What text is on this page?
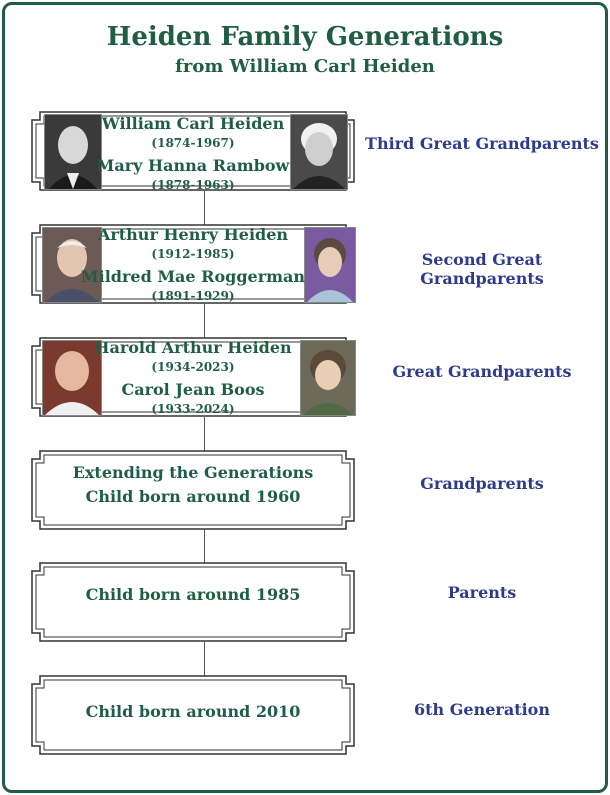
Heiden Family Generations
from William Carl Heiden
William Carl Heiden
(1874-1967)
Mary Hanna Rambow
(1878-1963)
Third Great Grandparents
Arthur Henry Heiden
(1912-1985)
Mildred Mae Roggerman
(1891-1929)
Second Great Grandparents
Harold Arthur Heiden
(1934-2023)
Carol Jean Boos
(1933-2024)
Great Grandparents
Extending the Generations
Child born around 1960
Grandparents
Child born around 1985	Parents
Child born around 2010	6th Generation
